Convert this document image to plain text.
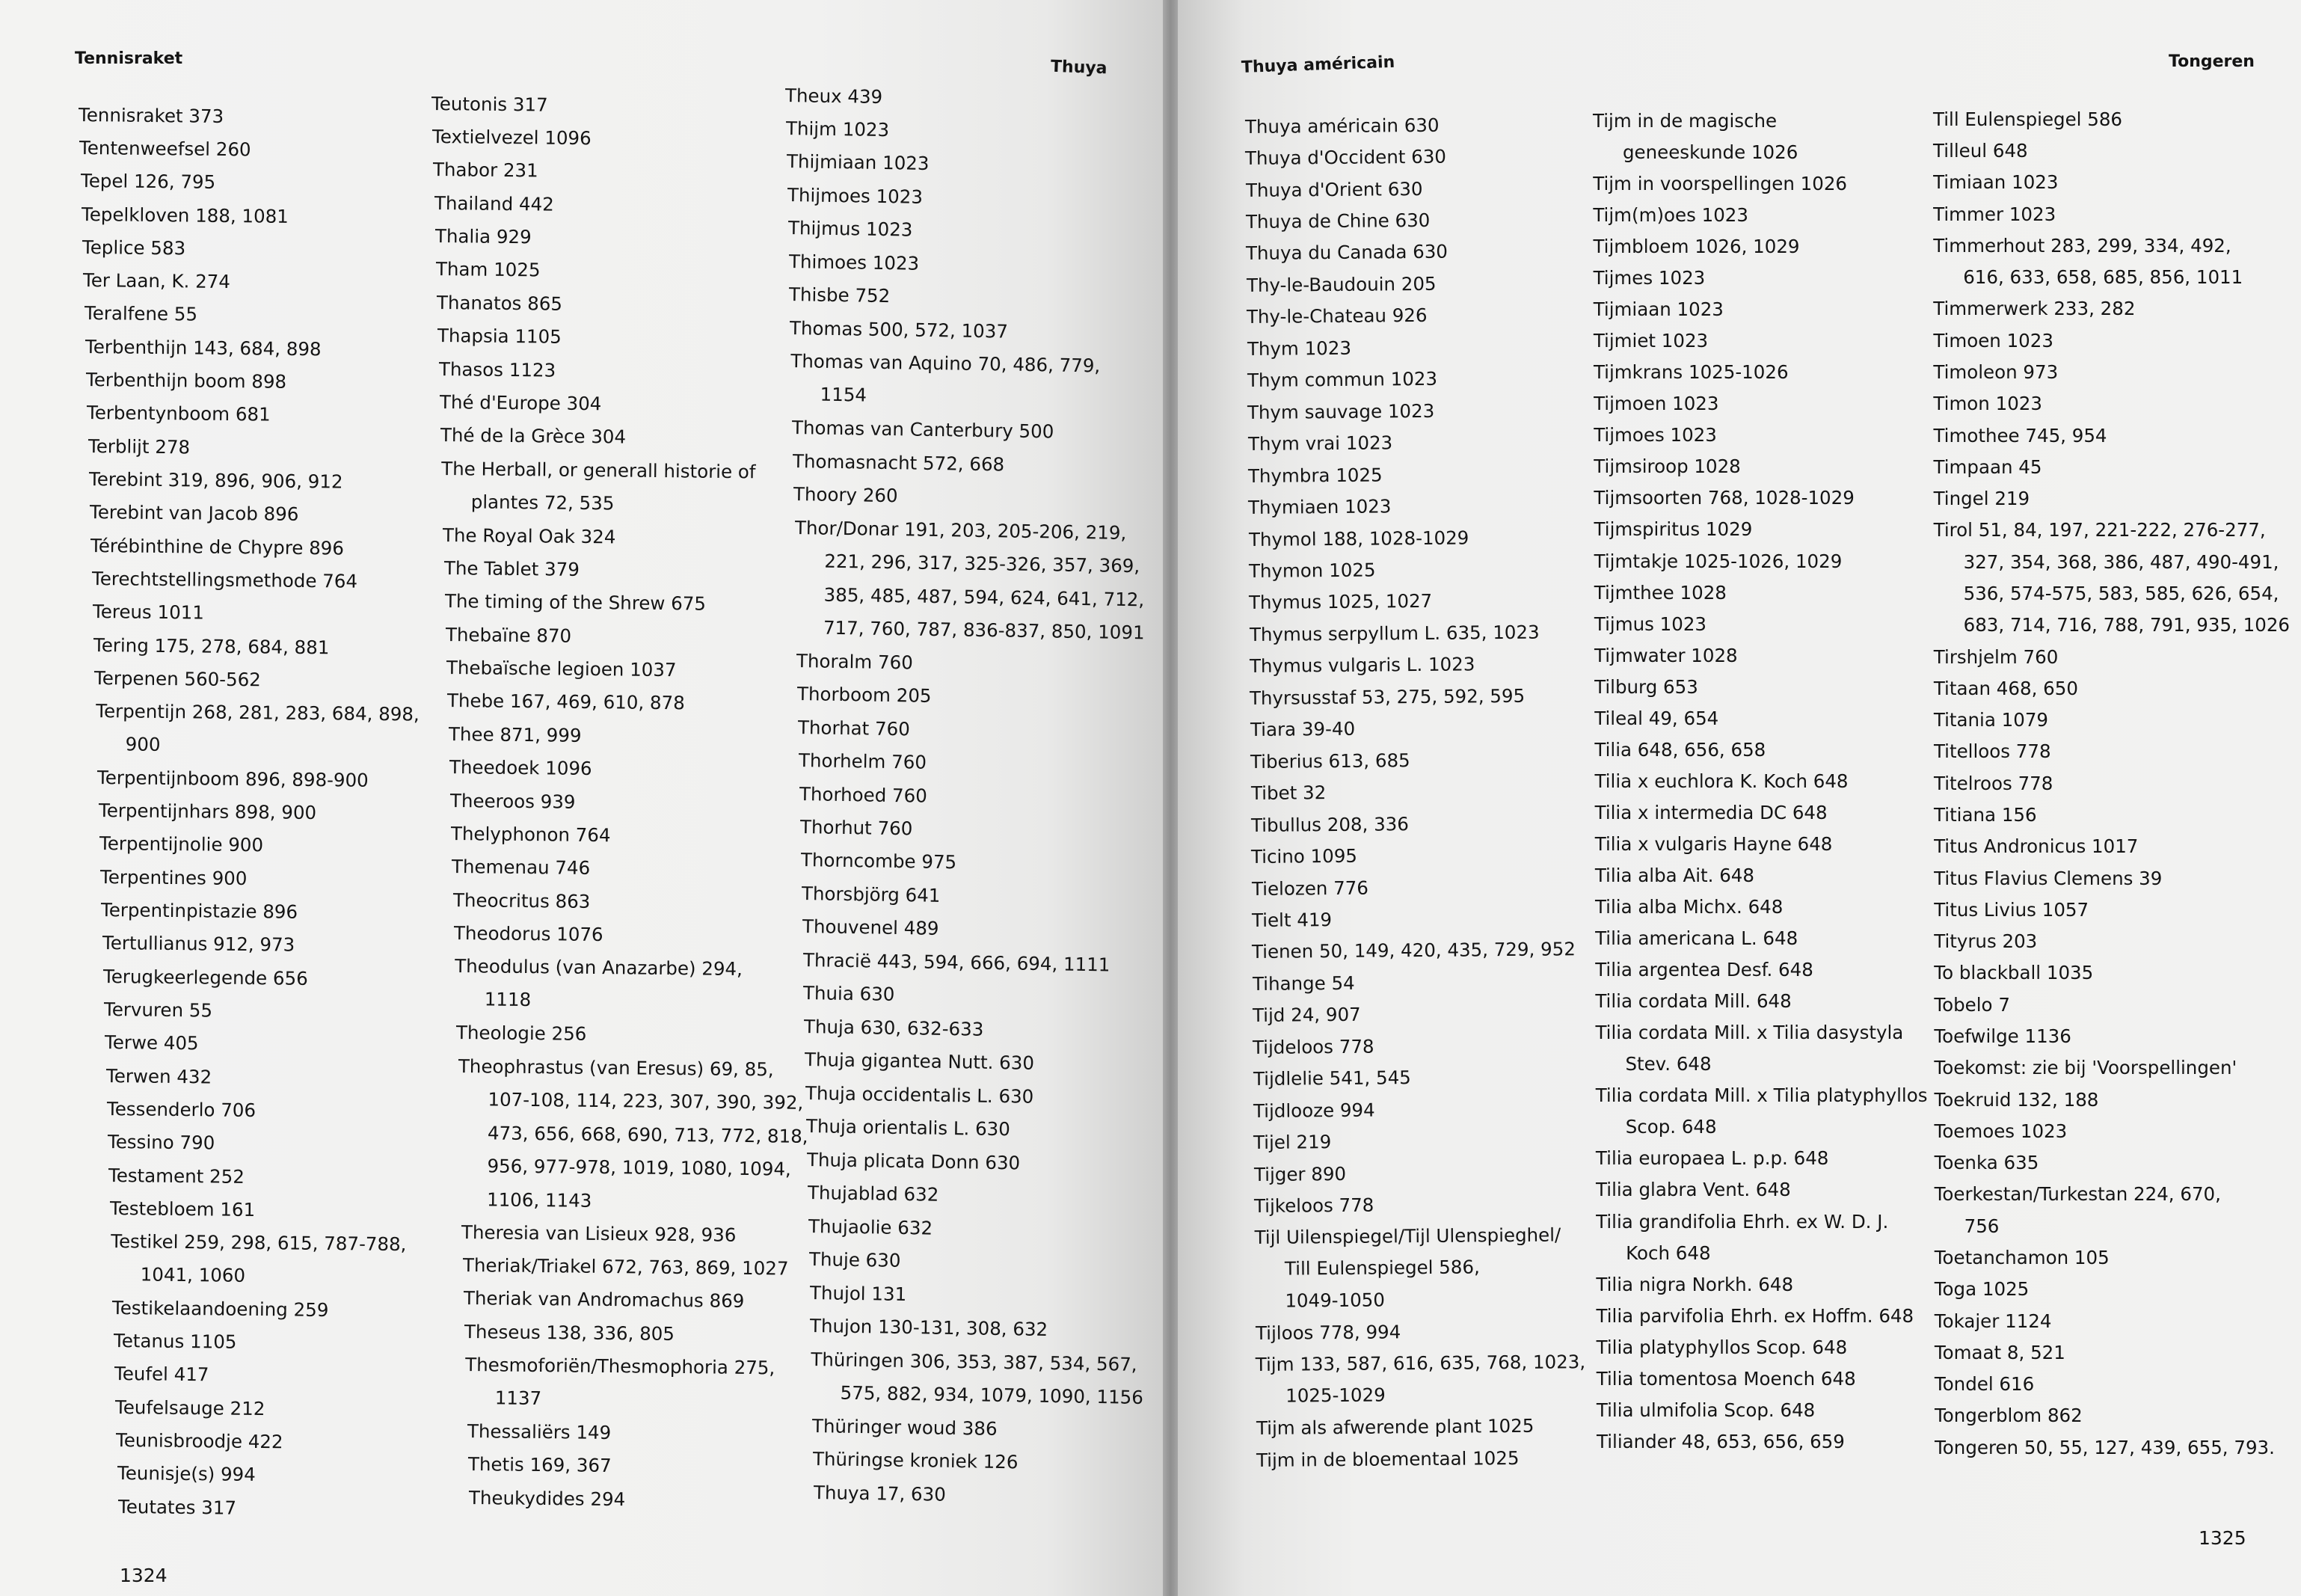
Tennisraket	Thuya
Tennisraket 373
Tentenweefsel 260
Tepel 126, 795
Tepelkloven 188, 1081
Teplice 583
Ter Laan, K. 274
Teralfene 55
Terbenthijn 143, 684, 898
Terbenthijn boom 898
Terbentynboom 681
Terblijt 278
Terebint 319, 896, 906, 912
Terebint van Jacob 896
Térébinthine de Chypre 896
Terechtstellingsmethode 764
Tereus 1011
Tering 175, 278, 684, 881
Terpenen 560-562
Terpentijn 268, 281, 283, 684, 898,
900
Terpentijnboom 896, 898-900
Terpentijnhars 898, 900
Terpentijnolie 900
Terpentines 900
Terpentinpistazie 896
Tertullianus 912, 973
Terugkeerlegende 656
Tervuren 55
Terwe 405
Terwen 432
Tessenderlo 706
Tessino 790
Testament 252
Testebloem 161
Testikel 259, 298, 615, 787-788,
1041, 1060
Testikelaandoening 259
Tetanus 1105
Teufel 417
Teufelsauge 212
Teunisbroodje 422
Teunisje(s) 994
Teutates 317
Teutonis 317
Textielvezel 1096
Thabor 231
Thailand 442
Thalia 929
Tham 1025
Thanatos 865
Thapsia 1105
Thasos 1123
Thé d'Europe 304
Thé de la Grèce 304
The Herball, or generall historie of
plantes 72, 535
The Royal Oak 324
The Tablet 379
The timing of the Shrew 675
Thebaïne 870
Thebaïsche legioen 1037
Thebe 167, 469, 610, 878
Thee 871, 999
Theedoek 1096
Theeroos 939
Thelyphonon 764
Themenau 746
Theocritus 863
Theodorus 1076
Theodulus (van Anazarbe) 294,
1118
Theologie 256
Theophrastus (van Eresus) 69, 85,
107-108, 114, 223, 307, 390, 392,
473, 656, 668, 690, 713, 772, 818,
956, 977-978, 1019, 1080, 1094,
1106, 1143
Theresia van Lisieux 928, 936
Theriak/Triakel 672, 763, 869, 1027
Theriak van Andromachus 869
Theseus 138, 336, 805
Thesmoforiën/Thesmophoria 275,
1137
Thessaliërs 149
Thetis 169, 367
Theukydides 294
Theux 439
Thijm 1023
Thijmiaan 1023
Thijmoes 1023
Thijmus 1023
Thimoes 1023
Thisbe 752
Thomas 500, 572, 1037
Thomas van Aquino 70, 486, 779,
1154
Thomas van Canterbury 500
Thomasnacht 572, 668
Thoory 260
Thor/Donar 191, 203, 205-206, 219,
221, 296, 317, 325-326, 357, 369,
385, 485, 487, 594, 624, 641, 712,
717, 760, 787, 836-837, 850, 1091
Thoralm 760
Thorboom 205
Thorhat 760
Thorhelm 760
Thorhoed 760
Thorhut 760
Thorncombe 975
Thorsbjörg 641
Thouvenel 489
Thracië 443, 594, 666, 694, 1111
Thuia 630
Thuja 630, 632-633
Thuja gigantea Nutt. 630
Thuja occidentalis L. 630
Thuja orientalis L. 630
Thuja plicata Donn 630
Thujablad 632
Thujaolie 632
Thuje 630
Thujol 131
Thujon 130-131, 308, 632
Thüringen 306, 353, 387, 534, 567,
575, 882, 934, 1079, 1090, 1156
Thüringer woud 386
Thüringse kroniek 126
Thuya 17, 630
1324
Thuya américain	Tongeren
Thuya américain 630
Thuya d'Occident 630
Thuya d'Orient 630
Thuya de Chine 630
Thuya du Canada 630
Thy-le-Baudouin 205
Thy-le-Chateau 926
Thym 1023
Thym commun 1023
Thym sauvage 1023
Thym vrai 1023
Thymbra 1025
Thymiaen 1023
Thymol 188, 1028-1029
Thymon 1025
Thymus 1025, 1027
Thymus serpyllum L. 635, 1023
Thymus vulgaris L. 1023
Thyrsusstaf 53, 275, 592, 595
Tiara 39-40
Tiberius 613, 685
Tibet 32
Tibullus 208, 336
Ticino 1095
Tielozen 776
Tielt 419
Tienen 50, 149, 420, 435, 729, 952
Tihange 54
Tijd 24, 907
Tijdeloos 778
Tijdlelie 541, 545
Tijdlooze 994
Tijel 219
Tijger 890
Tijkeloos 778
Tijl Uilenspiegel/Tijl Ulenspieghel/
Till Eulenspiegel 586,
1049-1050
Tijloos 778, 994
Tijm 133, 587, 616, 635, 768, 1023,
1025-1029
Tijm als afwerende plant 1025
Tijm in de bloementaal 1025
Tijm in de magische
geneeskunde 1026
Tijm in voorspellingen 1026
Tijm(m)oes 1023
Tijmbloem 1026, 1029
Tijmes 1023
Tijmiaan 1023
Tijmiet 1023
Tijmkrans 1025-1026
Tijmoen 1023
Tijmoes 1023
Tijmsiroop 1028
Tijmsoorten 768, 1028-1029
Tijmspiritus 1029
Tijmtakje 1025-1026, 1029
Tijmthee 1028
Tijmus 1023
Tijmwater 1028
Tilburg 653
Tileal 49, 654
Tilia 648, 656, 658
Tilia x euchlora K. Koch 648
Tilia x intermedia DC 648
Tilia x vulgaris Hayne 648
Tilia alba Ait. 648
Tilia alba Michx. 648
Tilia americana L. 648
Tilia argentea Desf. 648
Tilia cordata Mill. 648
Tilia cordata Mill. x Tilia dasystyla
Stev. 648
Tilia cordata Mill. x Tilia platyphyllos
Scop. 648
Tilia europaea L. p.p. 648
Tilia glabra Vent. 648
Tilia grandifolia Ehrh. ex W. D. J.
Koch 648
Tilia nigra Norkh. 648
Tilia parvifolia Ehrh. ex Hoffm. 648
Tilia platyphyllos Scop. 648
Tilia tomentosa Moench 648
Tilia ulmifolia Scop. 648
Tiliander 48, 653, 656, 659
Till Eulenspiegel 586
Tilleul 648
Timiaan 1023
Timmer 1023
Timmerhout 283, 299, 334, 492,
616, 633, 658, 685, 856, 1011
Timmerwerk 233, 282
Timoen 1023
Timoleon 973
Timon 1023
Timothee 745, 954
Timpaan 45
Tingel 219
Tirol 51, 84, 197, 221-222, 276-277,
327, 354, 368, 386, 487, 490-491,
536, 574-575, 583, 585, 626, 654,
683, 714, 716, 788, 791, 935, 1026
Tirshjelm 760
Titaan 468, 650
Titania 1079
Titelloos 778
Titelroos 778
Titiana 156
Titus Andronicus 1017
Titus Flavius Clemens 39
Titus Livius 1057
Tityrus 203
To blackball 1035
Tobelo 7
Toefwilge 1136
Toekomst: zie bij 'Voorspellingen'
Toekruid 132, 188
Toemoes 1023
Toenka 635
Toerkestan/Turkestan 224, 670,
756
Toetanchamon 105
Toga 1025
Tokajer 1124
Tomaat 8, 521
Tondel 616
Tongerblom 862
Tongeren 50, 55, 127, 439, 655, 793.
1325
